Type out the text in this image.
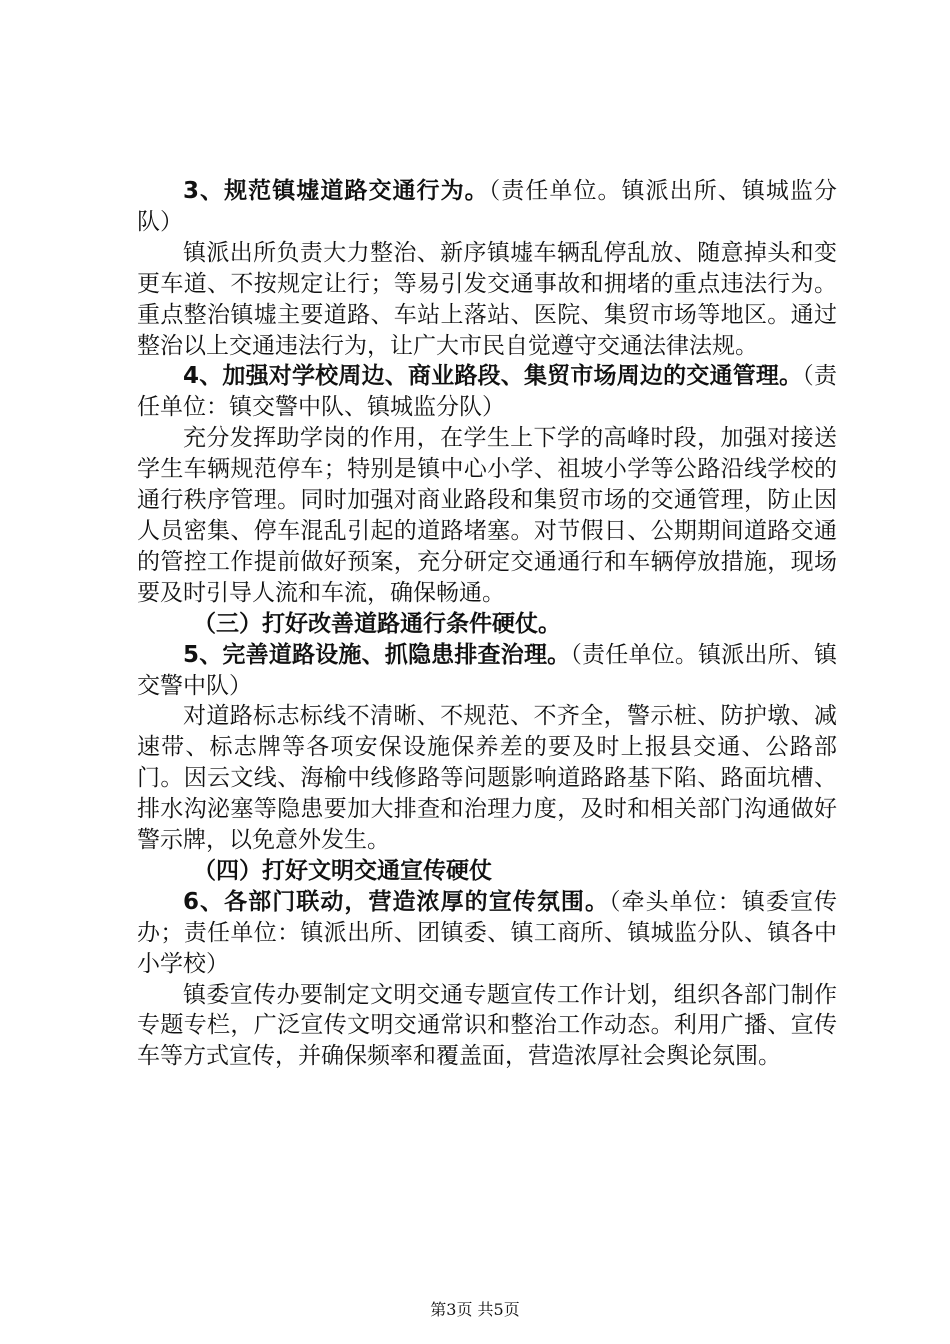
3、规范镇墟道路交通行为。（责任单位。镇派出所、镇城监分队）

镇派出所负责大力整治、新序镇墟车辆乱停乱放、随意掉头和变更车道、不按规定让行；等易引发交通事故和拥堵的重点违法行为。重点整治镇墟主要道路、车站上落站、医院、集贸市场等地区。通过整治以上交通违法行为，让广大市民自觉遵守交通法律法规。

4、加强对学校周边、商业路段、集贸市场周边的交通管理。（责任单位：镇交警中队、镇城监分队）

充分发挥助学岗的作用，在学生上下学的高峰时段，加强对接送学生车辆规范停车；特别是镇中心小学、祖坡小学等公路沿线学校的通行秩序管理。同时加强对商业路段和集贸市场的交通管理，防止因人员密集、停车混乱引起的道路堵塞。对节假日、公期期间道路交通的管控工作提前做好预案，充分研定交通通行和车辆停放措施，现场要及时引导人流和车流，确保畅通。

（三）打好改善道路通行条件硬仗。

5、完善道路设施、抓隐患排查治理。（责任单位。镇派出所、镇交警中队）

对道路标志标线不清晰、不规范、不齐全，警示桩、防护墩、减速带、标志牌等各项安保设施保养差的要及时上报县交通、公路部门。因云文线、海榆中线修路等问题影响道路路基下陷、路面坑槽、排水沟泌塞等隐患要加大排查和治理力度，及时和相关部门沟通做好警示牌，以免意外发生。

（四）打好文明交通宣传硬仗

6、各部门联动，营造浓厚的宣传氛围。（牵头单位：镇委宣传办；责任单位：镇派出所、团镇委、镇工商所、镇城监分队、镇各中小学校）

镇委宣传办要制定文明交通专题宣传工作计划，组织各部门制作专题专栏，广泛宣传文明交通常识和整治工作动态。利用广播、宣传车等方式宣传，并确保频率和覆盖面，营造浓厚社会舆论氛围。

第3页 共5页
